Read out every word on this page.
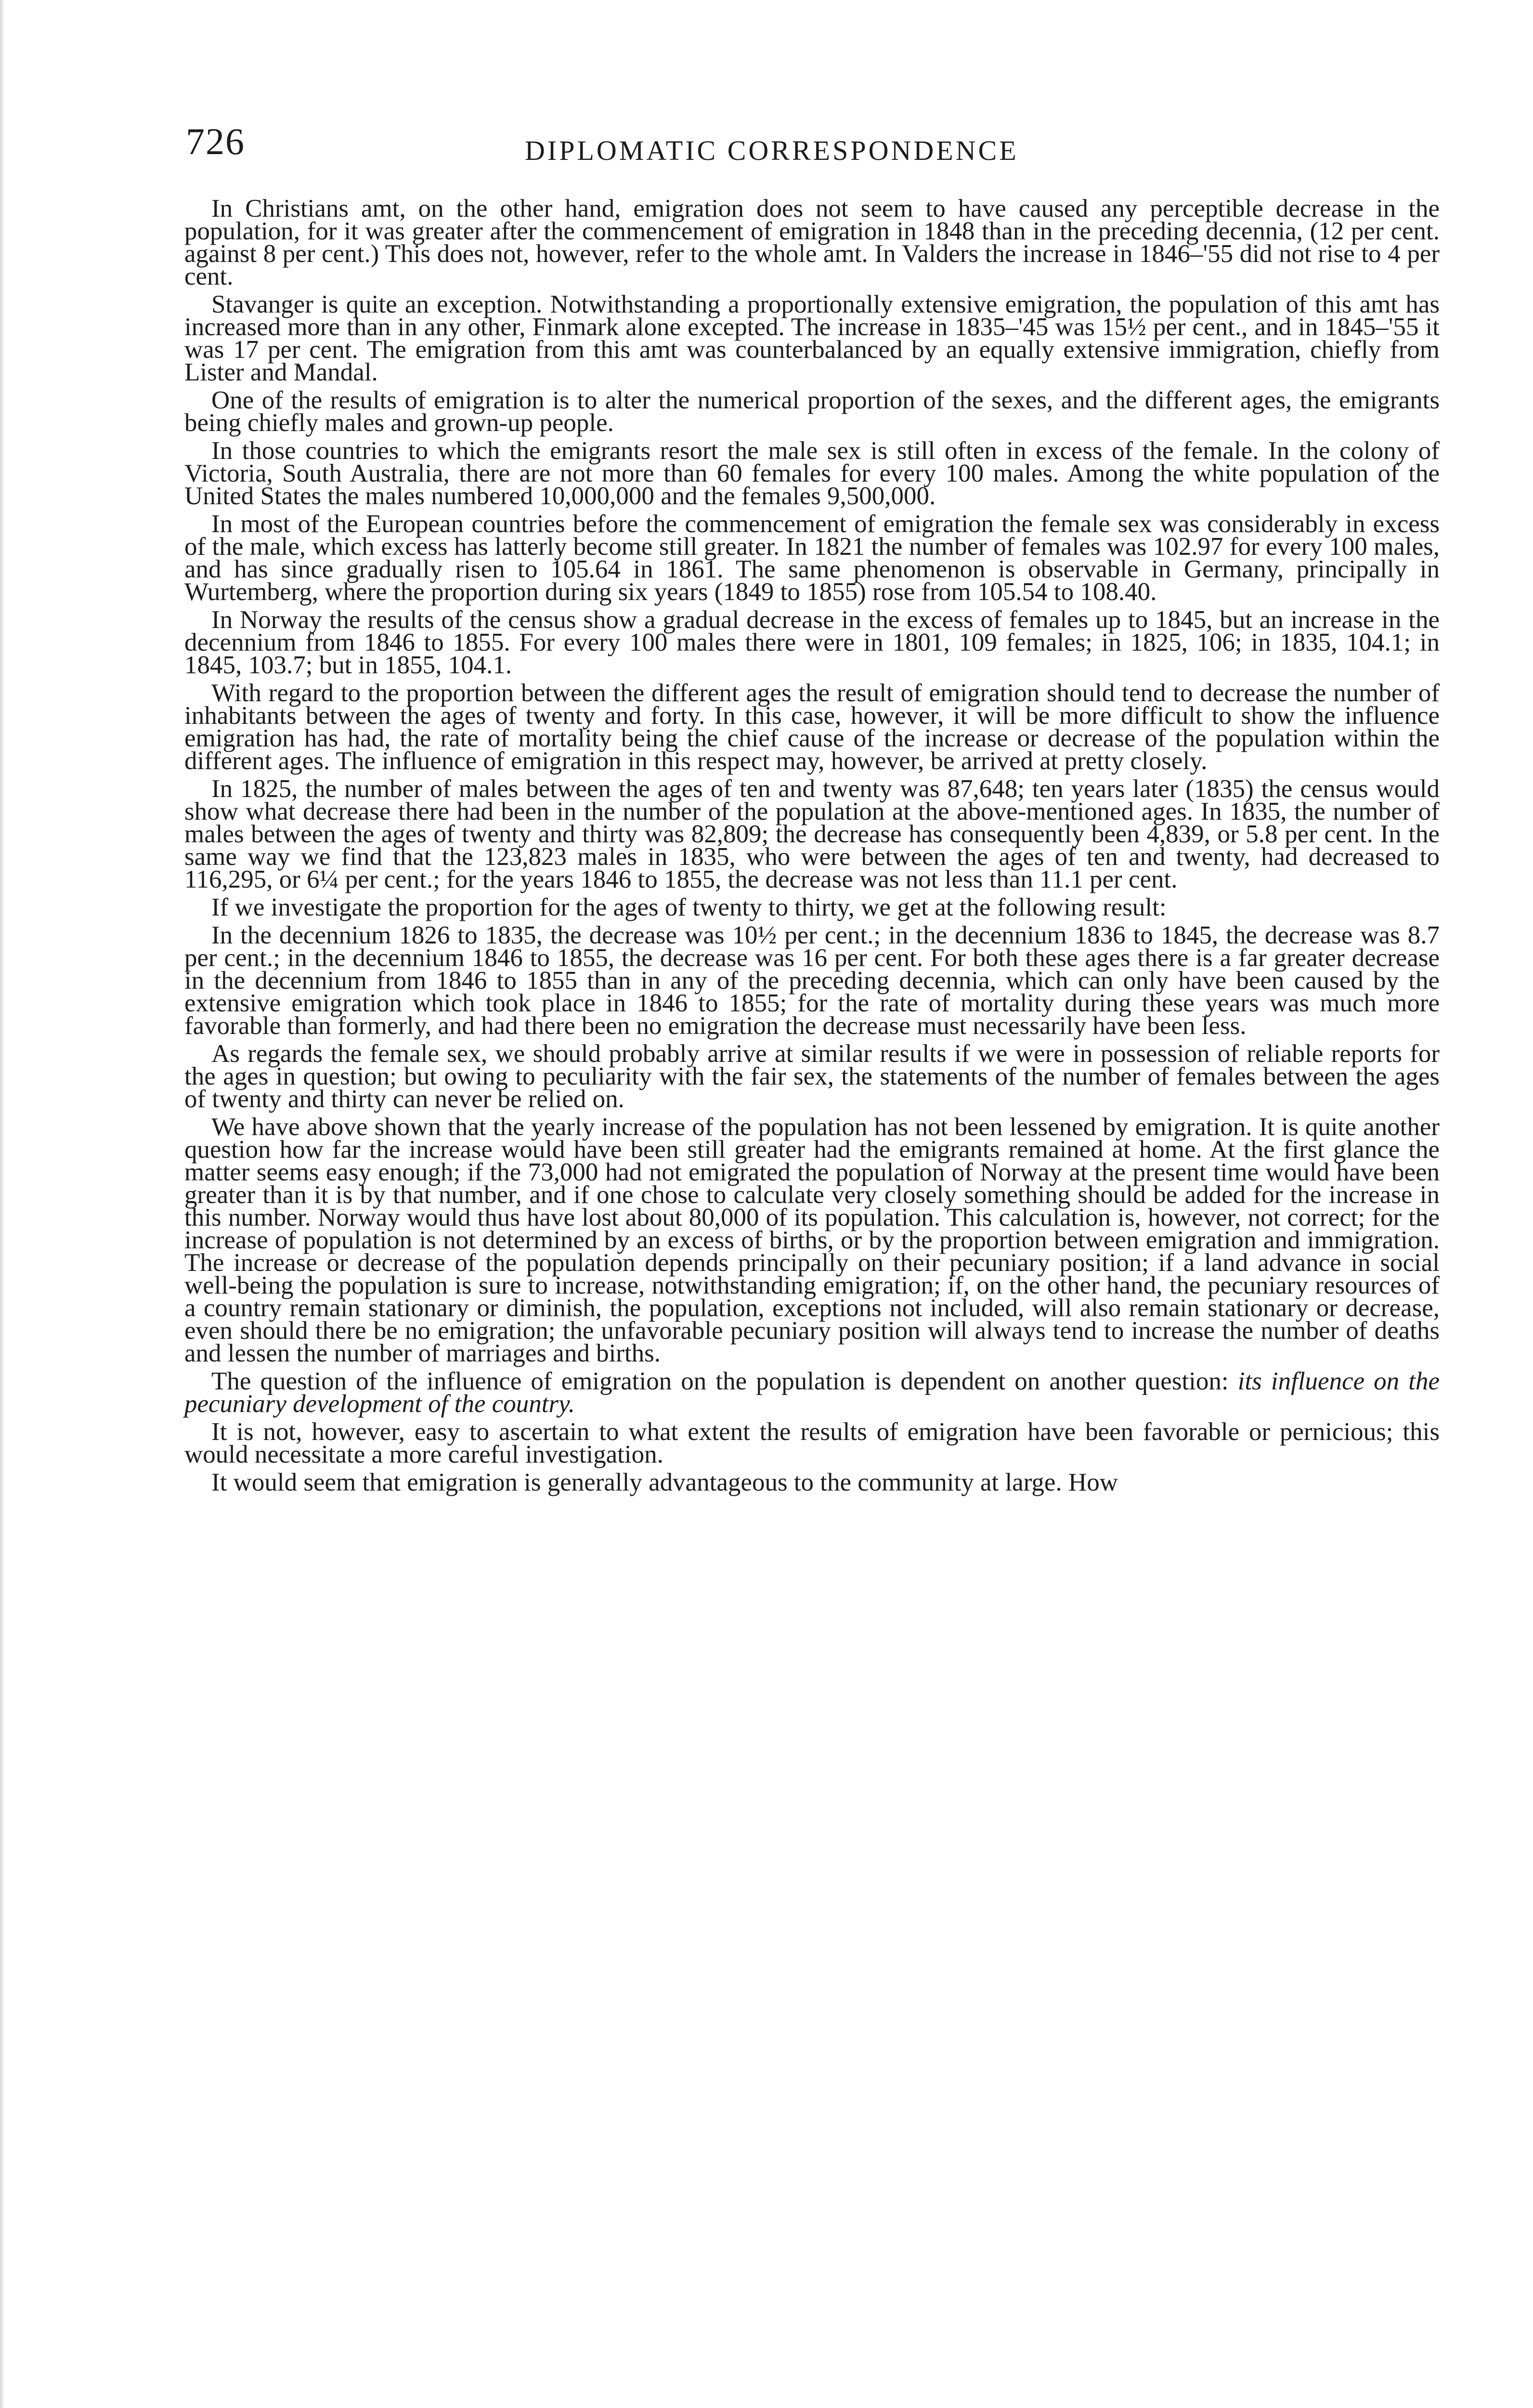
726	DIPLOMATIC CORRESPONDENCE

In Christians amt, on the other hand, emigration does not seem to have caused any perceptible decrease in the population, for it was greater after the commencement of emigration in 1848 than in the preceding decennia, (12 per cent. against 8 per cent.) This does not, however, refer to the whole amt. In Valders the increase in 1846–'55 did not rise to 4 per cent.

Stavanger is quite an exception. Notwithstanding a proportionally extensive emigration, the population of this amt has increased more than in any other, Finmark alone excepted. The increase in 1835–'45 was 15½ per cent., and in 1845–'55 it was 17 per cent. The emigration from this amt was counterbalanced by an equally extensive immigration, chiefly from Lister and Mandal.

One of the results of emigration is to alter the numerical proportion of the sexes, and the different ages, the emigrants being chiefly males and grown-up people.

In those countries to which the emigrants resort the male sex is still often in excess of the female. In the colony of Victoria, South Australia, there are not more than 60 females for every 100 males. Among the white population of the United States the males numbered 10,000,000 and the females 9,500,000.

In most of the European countries before the commencement of emigration the female sex was considerably in excess of the male, which excess has latterly become still greater. In 1821 the number of females was 102.97 for every 100 males, and has since gradually risen to 105.64 in 1861. The same phenomenon is observable in Germany, principally in Wurtemberg, where the proportion during six years (1849 to 1855) rose from 105.54 to 108.40.

In Norway the results of the census show a gradual decrease in the excess of females up to 1845, but an increase in the decennium from 1846 to 1855. For every 100 males there were in 1801, 109 females; in 1825, 106; in 1835, 104.1; in 1845, 103.7; but in 1855, 104.1.

With regard to the proportion between the different ages the result of emigration should tend to decrease the number of inhabitants between the ages of twenty and forty. In this case, however, it will be more difficult to show the influence emigration has had, the rate of mortality being the chief cause of the increase or decrease of the population within the different ages. The influence of emigration in this respect may, however, be arrived at pretty closely.

In 1825, the number of males between the ages of ten and twenty was 87,648; ten years later (1835) the census would show what decrease there had been in the number of the population at the above-mentioned ages. In 1835, the number of males between the ages of twenty and thirty was 82,809; the decrease has consequently been 4,839, or 5.8 per cent. In the same way we find that the 123,823 males in 1835, who were between the ages of ten and twenty, had decreased to 116,295, or 6¼ per cent.; for the years 1846 to 1855, the decrease was not less than 11.1 per cent.

If we investigate the proportion for the ages of twenty to thirty, we get at the following result:

In the decennium 1826 to 1835, the decrease was 10½ per cent.; in the decennium 1836 to 1845, the decrease was 8.7 per cent.; in the decennium 1846 to 1855, the decrease was 16 per cent. For both these ages there is a far greater decrease in the decennium from 1846 to 1855 than in any of the preceding decennia, which can only have been caused by the extensive emigration which took place in 1846 to 1855; for the rate of mortality during these years was much more favorable than formerly, and had there been no emigration the decrease must necessarily have been less.

As regards the female sex, we should probably arrive at similar results if we were in possession of reliable reports for the ages in question; but owing to peculiarity with the fair sex, the statements of the number of females between the ages of twenty and thirty can never be relied on.

We have above shown that the yearly increase of the population has not been lessened by emigration. It is quite another question how far the increase would have been still greater had the emigrants remained at home. At the first glance the matter seems easy enough; if the 73,000 had not emigrated the population of Norway at the present time would have been greater than it is by that number, and if one chose to calculate very closely something should be added for the increase in this number. Norway would thus have lost about 80,000 of its population. This calculation is, however, not correct; for the increase of population is not determined by an excess of births, or by the proportion between emigration and immigration. The increase or decrease of the population depends principally on their pecuniary position; if a land advance in social well-being the population is sure to increase, notwithstanding emigration; if, on the other hand, the pecuniary resources of a country remain stationary or diminish, the population, exceptions not included, will also remain stationary or decrease, even should there be no emigration; the unfavorable pecuniary position will always tend to increase the number of deaths and lessen the number of marriages and births.

The question of the influence of emigration on the population is dependent on another question: its influence on the pecuniary development of the country.

It is not, however, easy to ascertain to what extent the results of emigration have been favorable or pernicious; this would necessitate a more careful investigation.

It would seem that emigration is generally advantageous to the community at large. How
